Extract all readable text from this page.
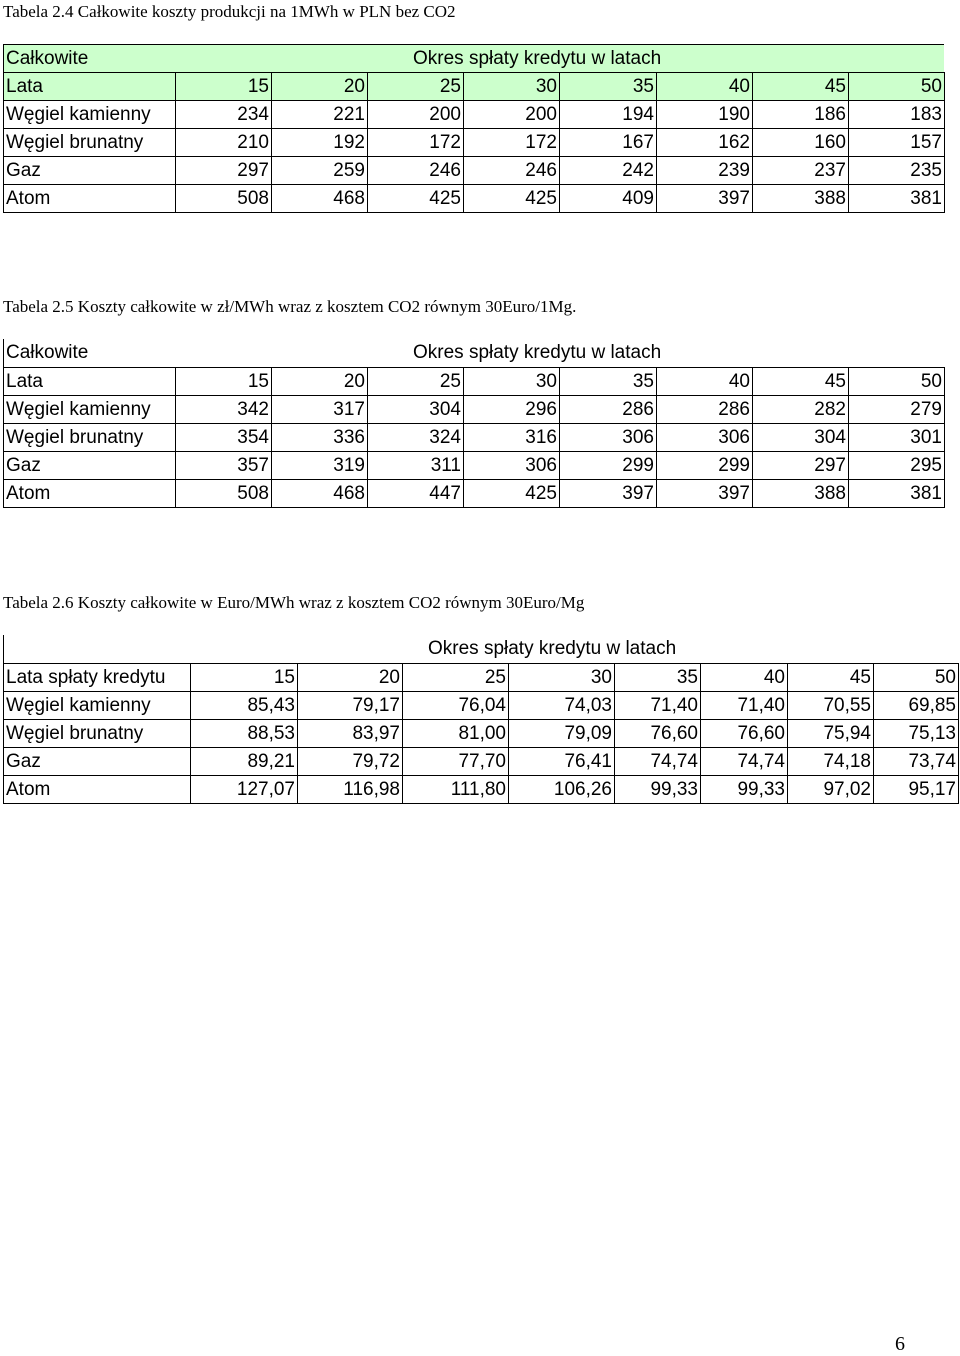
Tabela 2.4 Całkowite koszty produkcji na 1MWh w PLN bez CO2
Całkowite	Okres spłaty kredytu w latach
Lata	15	20	25	30	35	40	45	50
Węgiel kamienny	234	221	200	200	194	190	186	183
Węgiel brunatny	210	192	172	172	167	162	160	157
Gaz	297	259	246	246	242	239	237	235
Atom	508	468	425	425	409	397	388	381
Tabela 2.5 Koszty całkowite w zł/MWh wraz z kosztem CO2 równym 30Euro/1Mg.
Całkowite	Okres spłaty kredytu w latach
Lata	15	20	25	30	35	40	45	50
Węgiel kamienny	342	317	304	296	286	286	282	279
Węgiel brunatny	354	336	324	316	306	306	304	301
Gaz	357	319	311	306	299	299	297	295
Atom	508	468	447	425	397	397	388	381
Tabela 2.6 Koszty całkowite w Euro/MWh wraz z kosztem CO2 równym 30Euro/Mg
Okres spłaty kredytu w latach
Lata spłaty kredytu	15	20	25	30	35	40	45	50
Węgiel kamienny	85,43	79,17	76,04	74,03	71,40	71,40	70,55	69,85
Węgiel brunatny	88,53	83,97	81,00	79,09	76,60	76,60	75,94	75,13
Gaz	89,21	79,72	77,70	76,41	74,74	74,74	74,18	73,74
Atom	127,07	116,98	111,80	106,26	99,33	99,33	97,02	95,17
6
